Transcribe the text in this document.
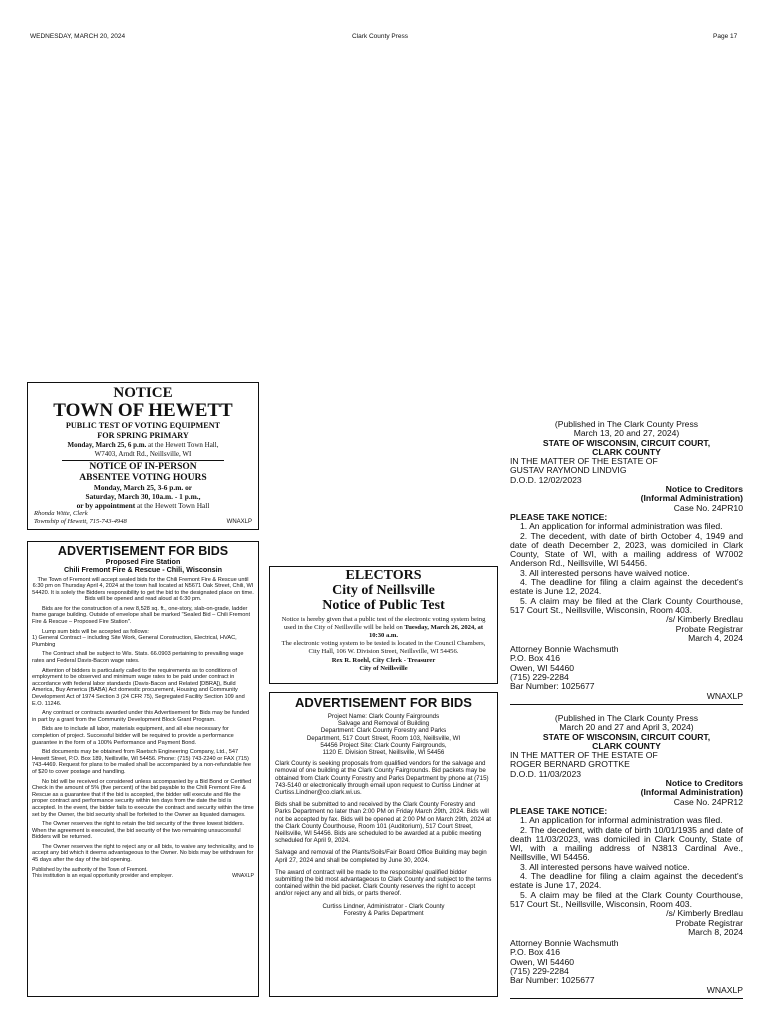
WEDNESDAY, MARCH 20, 2024	Clark County Press	Page 17
NOTICE
TOWN OF HEWETT
PUBLIC TEST OF VOTING EQUIPMENT
FOR SPRING PRIMARY
Monday, March 25, 6 p.m. at the Hewett Town Hall,
W7403, Arndt Rd., Neillsville, WI
NOTICE OF IN-PERSON
ABSENTEE VOTING HOURS
Monday, March 25, 3-6 p.m. or
Saturday, March 30, 10a.m. - 1 p.m.,
or by appointment at the Hewett Town Hall
Rhonda Witte, Clerk
Township of Hewett, 715-743-4948	WNAXLP
ADVERTISEMENT FOR BIDS
Proposed Fire Station
Chili Fremont Fire & Rescue - Chili, Wisconsin
The Town of Fremont will accept sealed bids for the Chili Fremont Fire & Rescue until 6:30 pm on Thursday April 4, 2024 at the town hall located at N5671 Oak Street, Chili, WI 54420. It is solely the Bidders responsibility to get the bid to the designated place on time. Bids will be opened and read aloud at 6:30 pm.
Bids are for the construction of a new 8,528 sq. ft., one-story, slab-on-grade, ladder frame garage building. Outside of envelope shall be marked "Sealed Bid – Chili Fremont Fire & Rescue – Proposed Fire Station".
Lump sum bids will be accepted as follows:
1) General Contract – including Site Work, General Construction, Electrical, HVAC, Plumbing
The Contract shall be subject to Wis. Stats. 66.0903 pertaining to prevailing wage rates and Federal Davis-Bacon wage rates.
Attention of bidders is particularly called to the requirements as to conditions of employment to be observed and minimum wage rates to be paid under contract in accordance with federal labor standards (Davis-Bacon and Related [DBRA]), Build America, Buy America (BABA) Act domestic procurement, Housing and Community Development Act of 1974 Section 3 (24 CFR 75), Segregated Facility Section 109 and E.O. 11246.
Any contract or contracts awarded under this Advertisement for Bids may be funded in part by a grant from the Community Development Block Grant Program.
Bids are to include all labor, materials equipment, and all else necessary for completion of project. Successful bidder will be required to provide a performance guarantee in the form of a 100% Performance and Payment Bond.
Bid documents may be obtained from Raetsch Engineering Company, Ltd., 547 Hewett Street, P.O. Box 189, Neillsville, WI 54456. Phone: (715) 743-2240 or FAX (715) 743-4469. Request for plans to be mailed shall be accompanied by a non-refundable fee of $20 to cover postage and handling.
No bid will be received or considered unless accompanied by a Bid Bond or Certified Check in the amount of 5% (five percent) of the bid payable to the Chili Fremont Fire & Rescue as a guarantee that if the bid is accepted, the bidder will execute and file the proper contract and performance security within ten days from the date the bid is accepted. In the event, the bidder fails to execute the contract and security within the time set by the Owner, the bid security shall be forfeited to the Owner as liquated damages.
The Owner reserves the right to retain the bid security of the three lowest bidders. When the agreement is executed, the bid security of the two remaining unsuccessful Bidders will be returned.
The Owner reserves the right to reject any or all bids, to waive any technicality, and to accept any bid which it deems advantageous to the Owner. No bids may be withdrawn for 45 days after the day of the bid opening.
Published by the authority of the Town of Fremont.
This institution is an equal opportunity provider and employer.	WNAXLP
ELECTORS
City of Neillsville
Notice of Public Test
Notice is hereby given that a public test of the electronic voting system being used in the City of Neillsville will be held on Tuesday, March 26, 2024, at 10:30 a.m.
The electronic voting system to be tested is located in the Council Chambers, City Hall, 106 W. Division Street, Neillsville, WI 54456.
Rex R. Roehl, City Clerk - Treasurer
City of Neillsville
ADVERTISEMENT FOR BIDS
Project Name: Clark County Fairgrounds
Salvage and Removal of Building
Department: Clark County Forestry and Parks
Department, 517 Court Street, Room 103, Neillsville, WI
54456 Project Site: Clark County Fairgrounds,
1120 E. Division Street, Neillsville, WI 54456
Clark County is seeking proposals from qualified vendors for the salvage and removal of one building at the Clark County Fairgrounds. Bid packets may be obtained from Clark County Forestry and Parks Department by phone at (715) 743-5140 or electronically through email upon request to Curtiss Lindner at Curtiss.Lindner@co.clark.wi.us.
Bids shall be submitted to and received by the Clark County Forestry and Parks Department no later than 2:00 PM on Friday March 29th, 2024. Bids will not be accepted by fax. Bids will be opened at 2:00 PM on March 29th, 2024 at the Clark County Courthouse, Room 101 (Auditorium), 517 Court Street, Neillsville, WI 54456. Bids are scheduled to be awarded at a public meeting scheduled for April 9, 2024.
Salvage and removal of the Plants/Soils/Fair Board Office Building may begin April 27, 2024 and shall be completed by June 30, 2024.
The award of contract will be made to the responsible/ qualified bidder submitting the bid most advantageous to Clark County and subject to the terms contained within the bid packet. Clark County reserves the right to accept and/or reject any and all bids, or parts thereof.
Curtiss Lindner, Administrator - Clark County
Forestry & Parks Department
(Published in The Clark County Press
March 13, 20 and 27, 2024)
STATE OF WISCONSIN, CIRCUIT COURT,
CLARK COUNTY
IN THE MATTER OF THE ESTATE OF
GUSTAV RAYMOND LINDVIG
D.O.D. 12/02/2023
Notice to Creditors
(Informal Administration)
Case No. 24PR10
PLEASE TAKE NOTICE:
1. An application for informal administration was filed.
2. The decedent, with date of birth October 4, 1949 and date of death December 2, 2023, was domiciled in Clark County, State of WI, with a mailing address of W7002 Anderson Rd., Neillsville, WI 54456.
3. All interested persons have waived notice.
4. The deadline for filing a claim against the decedent's estate is June 12, 2024.
5. A claim may be filed at the Clark County Courthouse, 517 Court St., Neillsville, Wisconsin, Room 403.
/s/ Kimberly Bredlau
Probate Registrar
March 4, 2024
Attorney Bonnie Wachsmuth
P.O. Box 416
Owen, WI 54460
(715) 229-2284
Bar Number: 1025677
WNAXLP
(Published in The Clark County Press
March 20 and 27 and April 3, 2024)
STATE OF WISCONSIN, CIRCUIT COURT,
CLARK COUNTY
IN THE MATTER OF THE ESTATE OF
ROGER BERNARD GROTTKE
D.O.D. 11/03/2023
Notice to Creditors
(Informal Administration)
Case No. 24PR12
PLEASE TAKE NOTICE:
1. An application for informal administration was filed.
2. The decedent, with date of birth 10/01/1935 and date of death 11/03/2023, was domiciled in Clark County, State of WI, with a mailing address of N3813 Cardinal Ave., Neillsville, WI 54456.
3. All interested persons have waived notice.
4. The deadline for filing a claim against the decedent's estate is June 17, 2024.
5. A claim may be filed at the Clark County Courthouse, 517 Court St., Neillsville, Wisconsin, Room 403.
/s/ Kimberly Bredlau
Probate Registrar
March 8, 2024
Attorney Bonnie Wachsmuth
P.O. Box 416
Owen, WI 54460
(715) 229-2284
Bar Number: 1025677
WNAXLP
